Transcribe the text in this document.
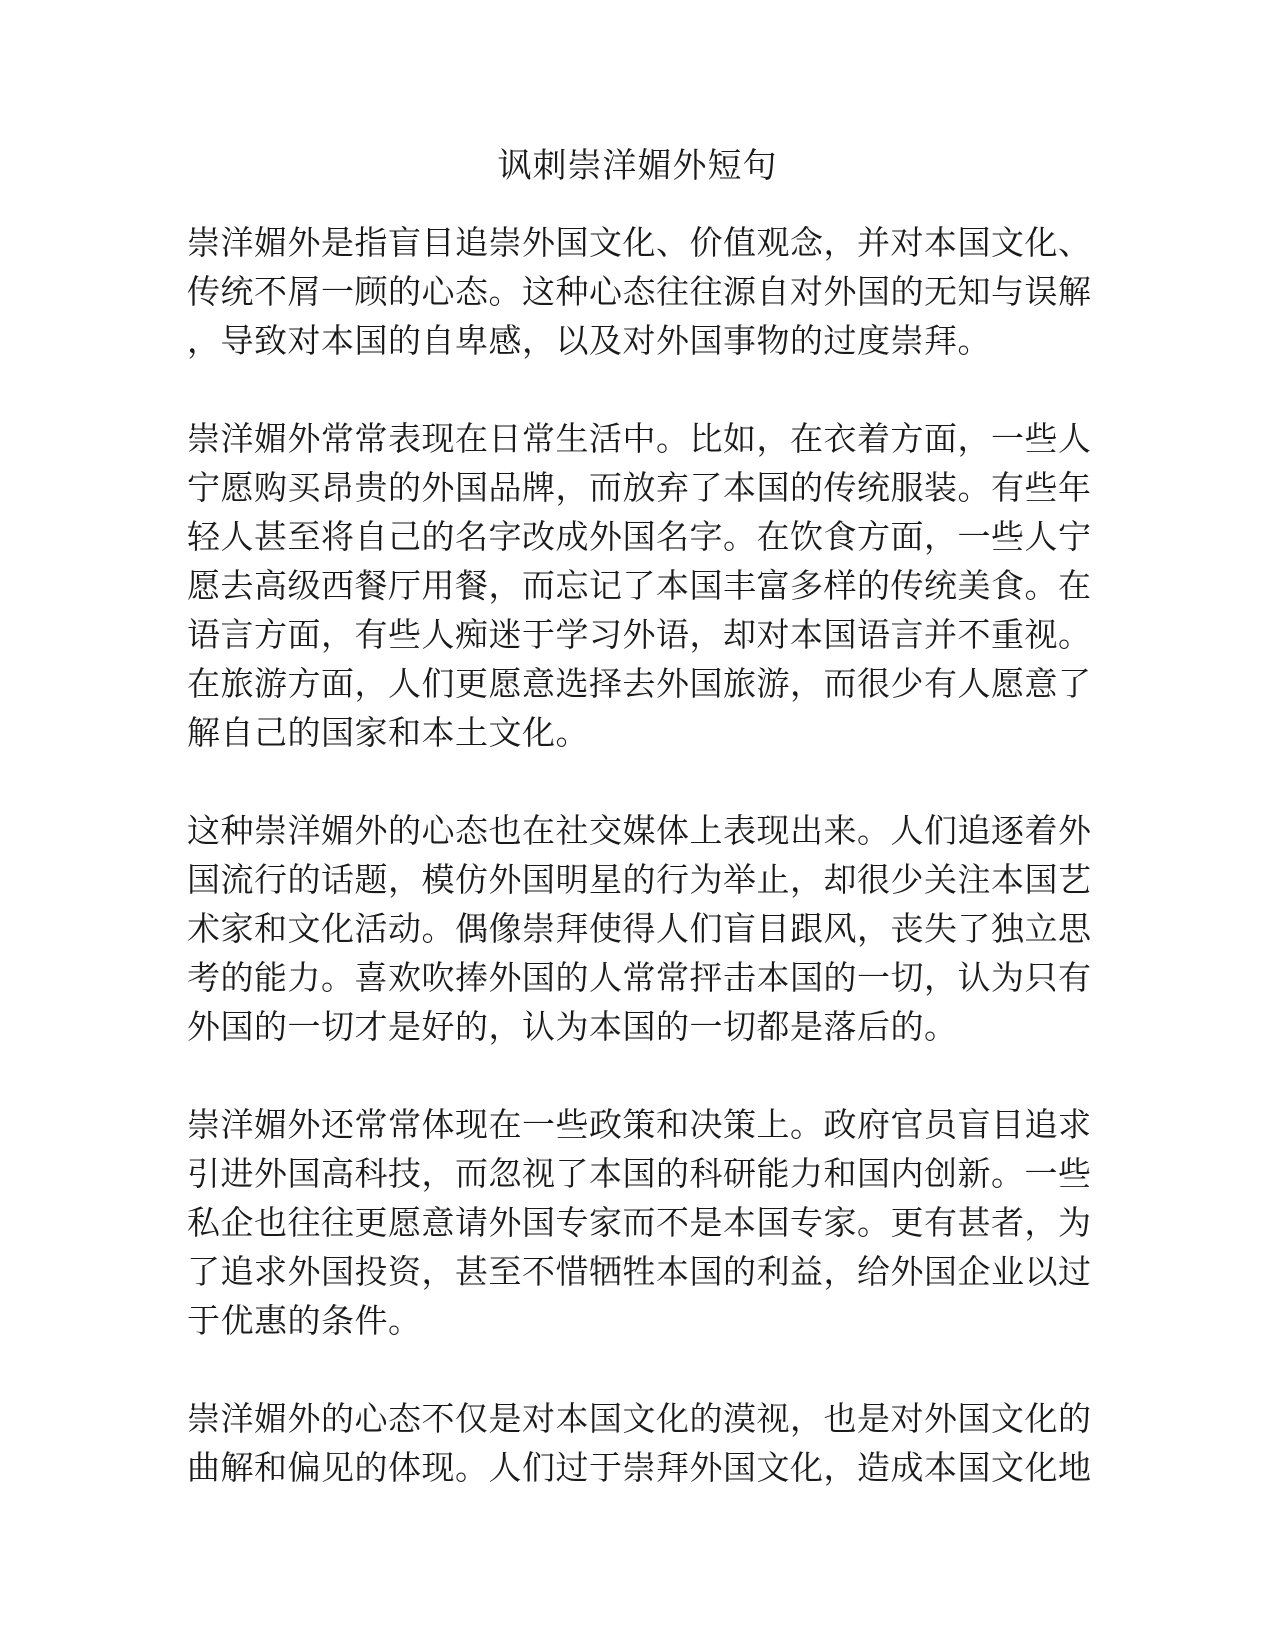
讽刺崇洋媚外短句

崇洋媚外是指盲目追崇外国文化、价值观念，并对本国文化、
传统不屑一顾的心态。这种心态往往源自对外国的无知与误解
，导致对本国的自卑感，以及对外国事物的过度崇拜。

崇洋媚外常常表现在日常生活中。比如，在衣着方面，一些人
宁愿购买昂贵的外国品牌，而放弃了本国的传统服装。有些年
轻人甚至将自己的名字改成外国名字。在饮食方面，一些人宁
愿去高级西餐厅用餐，而忘记了本国丰富多样的传统美食。在
语言方面，有些人痴迷于学习外语，却对本国语言并不重视。
在旅游方面，人们更愿意选择去外国旅游，而很少有人愿意了
解自己的国家和本土文化。

这种崇洋媚外的心态也在社交媒体上表现出来。人们追逐着外
国流行的话题，模仿外国明星的行为举止，却很少关注本国艺
术家和文化活动。偶像崇拜使得人们盲目跟风，丧失了独立思
考的能力。喜欢吹捧外国的人常常抨击本国的一切，认为只有
外国的一切才是好的，认为本国的一切都是落后的。

崇洋媚外还常常体现在一些政策和决策上。政府官员盲目追求
引进外国高科技，而忽视了本国的科研能力和国内创新。一些
私企也往往更愿意请外国专家而不是本国专家。更有甚者，为
了追求外国投资，甚至不惜牺牲本国的利益，给外国企业以过
于优惠的条件。

崇洋媚外的心态不仅是对本国文化的漠视，也是对外国文化的
曲解和偏见的体现。人们过于崇拜外国文化，造成本国文化地
